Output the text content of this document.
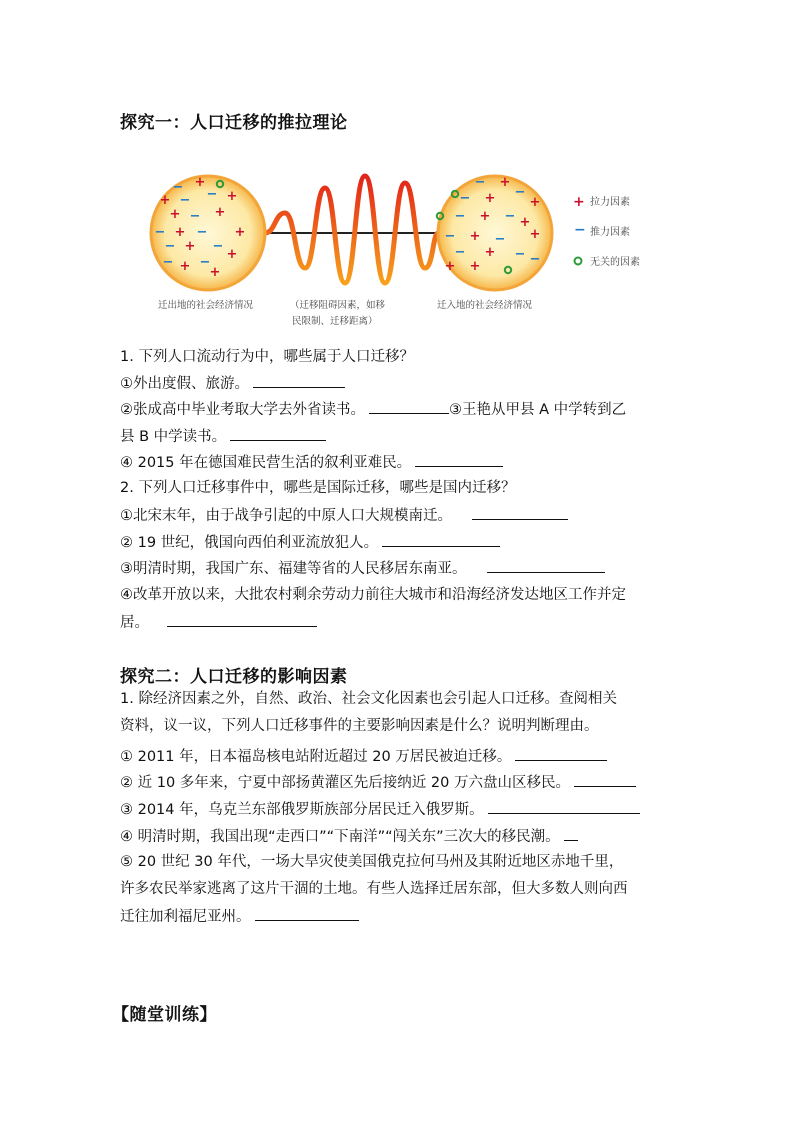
探究一：人口迁移的推拉理论
+
−
+ − − +
+ − +
− + − +
− + −
+
− + −
+
− +
− + −
+
− + − +
− + − +
− + −
+ +	−
+ 拉力因素
− 推力因素
无关的因素
迁出地的社会经济情况	（迁移阻碍因素，如移
民限制、迁移距离）
迁入地的社会经济情况
1. 下列人口流动行为中，哪些属于人口迁移？
①外出度假、旅游。
②张成高中毕业考取大学去外省读书。	③王艳从甲县 A 中学转到乙
县 B 中学读书。
④ 2015 年在德国难民营生活的叙利亚难民。
2. 下列人口迁移事件中，哪些是国际迁移，哪些是国内迁移？
①北宋末年，由于战争引起的中原人口大规模南迁。
② 19 世纪，俄国向西伯利亚流放犯人。
③明清时期，我国广东、福建等省的人民移居东南亚。
④改革开放以来，大批农村剩余劳动力前往大城市和沿海经济发达地区工作并定
居。
探究二：人口迁移的影响因素
1. 除经济因素之外，自然、政治、社会文化因素也会引起人口迁移。查阅相关
资料，议一议，下列人口迁移事件的主要影响因素是什么？说明判断理由。
① 2011 年，日本福岛核电站附近超过 20 万居民被迫迁移。
② 近 10 多年来，宁夏中部扬黄灌区先后接纳近 20 万六盘山区移民。
③ 2014 年，乌克兰东部俄罗斯族部分居民迁入俄罗斯。
④ 明清时期，我国出现“走西口”“下南洋”“闯关东”三次大的移民潮。
⑤ 20 世纪 30 年代，一场大旱灾使美国俄克拉何马州及其附近地区赤地千里，
许多农民举家逃离了这片干涸的土地。有些人选择迁居东部，但大多数人则向西
迁往加利福尼亚州。
【随堂训练】
